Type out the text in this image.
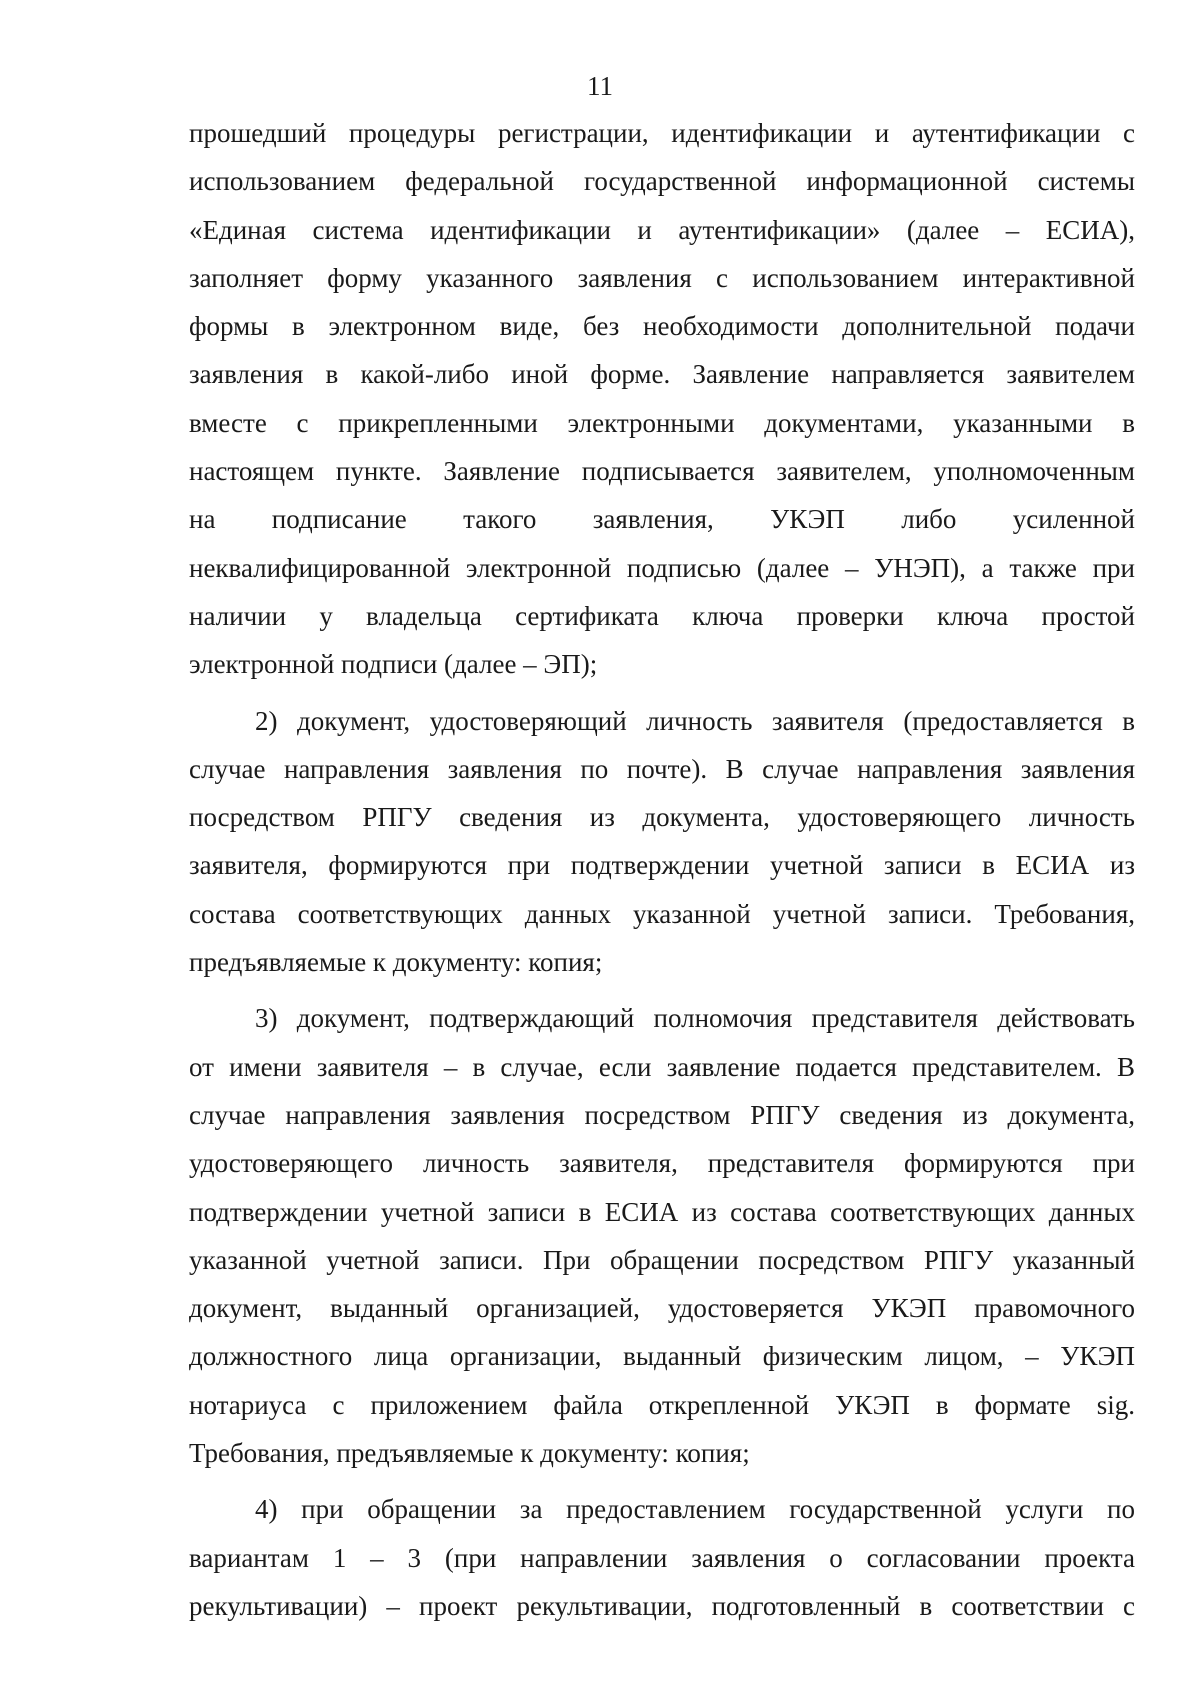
11

прошедший процедуры регистрации, идентификации и аутентификации с
использованием федеральной государственной информационной системы
«Единая система идентификации и аутентификации» (далее – ЕСИА),
заполняет форму указанного заявления с использованием интерактивной
формы в электронном виде, без необходимости дополнительной подачи
заявления в какой-либо иной форме. Заявление направляется заявителем
вместе с прикрепленными электронными документами, указанными в
настоящем пункте. Заявление подписывается заявителем, уполномоченным
на подписание такого заявления, УКЭП либо усиленной
неквалифицированной электронной подписью (далее – УНЭП), а также при
наличии у владельца сертификата ключа проверки ключа простой
электронной подписи (далее – ЭП);

2) документ, удостоверяющий личность заявителя (предоставляется в
случае направления заявления по почте). В случае направления заявления
посредством РПГУ сведения из документа, удостоверяющего личность
заявителя, формируются при подтверждении учетной записи в ЕСИА из
состава соответствующих данных указанной учетной записи. Требования,
предъявляемые к документу: копия;

3) документ, подтверждающий полномочия представителя действовать
от имени заявителя – в случае, если заявление подается представителем. В
случае направления заявления посредством РПГУ сведения из документа,
удостоверяющего личность заявителя, представителя формируются при
подтверждении учетной записи в ЕСИА из состава соответствующих данных
указанной учетной записи. При обращении посредством РПГУ указанный
документ, выданный организацией, удостоверяется УКЭП правомочного
должностного лица организации, выданный физическим лицом, – УКЭП
нотариуса с приложением файла открепленной УКЭП в формате sig.
Требования, предъявляемые к документу: копия;

4) при обращении за предоставлением государственной услуги по
вариантам 1 – 3 (при направлении заявления о согласовании проекта
рекультивации) – проект рекультивации, подготовленный в соответствии с
